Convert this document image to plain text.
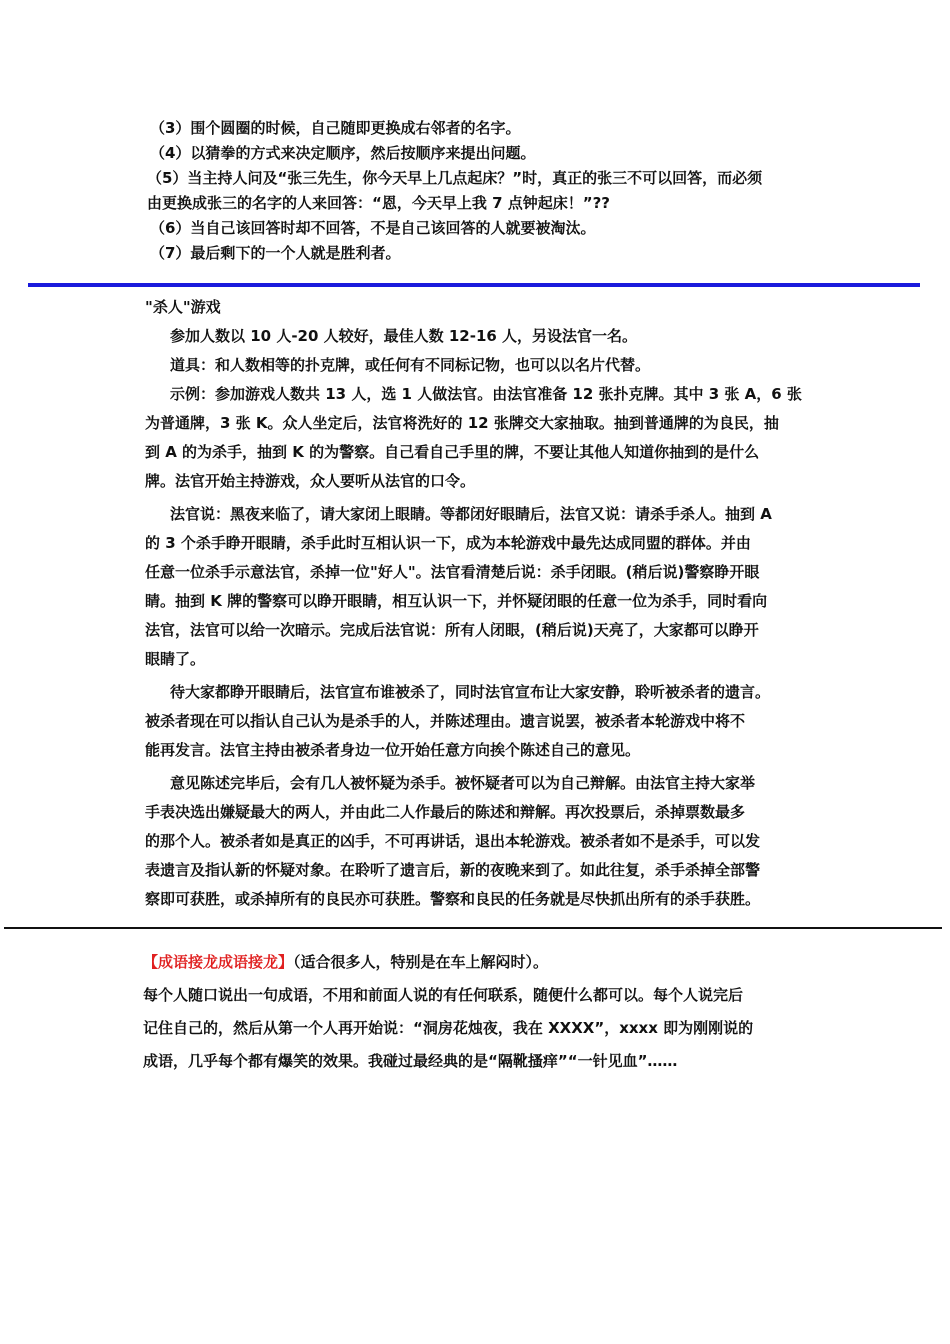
（3）围个圆圈的时候，自己随即更换成右邻者的名字。
（4）以猜拳的方式来决定顺序，然后按顺序来提出问题。
（5）当主持人问及“张三先生，你今天早上几点起床？”时，真正的张三不可以回答，而必须
由更换成张三的名字的人来回答：“恩，今天早上我 7 点钟起床！”??
（6）当自己该回答时却不回答，不是自己该回答的人就要被淘汰。
（7）最后剩下的一个人就是胜利者。
"杀人"游戏
参加人数以 10 人-20 人较好，最佳人数 12-16 人，另设法官一名。
道具：和人数相等的扑克牌，或任何有不同标记物，也可以以名片代替。
示例：参加游戏人数共 13 人，选 1 人做法官。由法官准备 12 张扑克牌。其中 3 张 A，6 张
为普通牌，3 张 K。众人坐定后，法官将洗好的 12 张牌交大家抽取。抽到普通牌的为良民，抽
到 A 的为杀手，抽到 K 的为警察。自己看自己手里的牌，不要让其他人知道你抽到的是什么
牌。法官开始主持游戏，众人要听从法官的口令。
法官说：黑夜来临了，请大家闭上眼睛。等都闭好眼睛后，法官又说：请杀手杀人。抽到 A
的 3 个杀手睁开眼睛，杀手此时互相认识一下，成为本轮游戏中最先达成同盟的群体。并由
任意一位杀手示意法官，杀掉一位"好人"。法官看清楚后说：杀手闭眼。(稍后说)警察睁开眼
睛。抽到 K 牌的警察可以睁开眼睛，相互认识一下，并怀疑闭眼的任意一位为杀手，同时看向
法官，法官可以给一次暗示。完成后法官说：所有人闭眼，(稍后说)天亮了，大家都可以睁开
眼睛了。
待大家都睁开眼睛后，法官宣布谁被杀了，同时法官宣布让大家安静，聆听被杀者的遗言。
被杀者现在可以指认自己认为是杀手的人，并陈述理由。遗言说罢，被杀者本轮游戏中将不
能再发言。法官主持由被杀者身边一位开始任意方向挨个陈述自己的意见。
意见陈述完毕后，会有几人被怀疑为杀手。被怀疑者可以为自己辩解。由法官主持大家举
手表决选出嫌疑最大的两人，并由此二人作最后的陈述和辩解。再次投票后，杀掉票数最多
的那个人。被杀者如是真正的凶手，不可再讲话，退出本轮游戏。被杀者如不是杀手，可以发
表遗言及指认新的怀疑对象。在聆听了遗言后，新的夜晚来到了。如此往复，杀手杀掉全部警
察即可获胜，或杀掉所有的良民亦可获胜。警察和良民的任务就是尽快抓出所有的杀手获胜。
【成语接龙成语接龙】（适合很多人，特别是在车上解闷时）。
每个人随口说出一句成语，不用和前面人说的有任何联系，随便什么都可以。每个人说完后
记住自己的，然后从第一个人再开始说：“洞房花烛夜，我在 XXXX”，xxxx 即为刚刚说的
成语，几乎每个都有爆笑的效果。我碰过最经典的是“隔靴搔痒”“一针见血”……
